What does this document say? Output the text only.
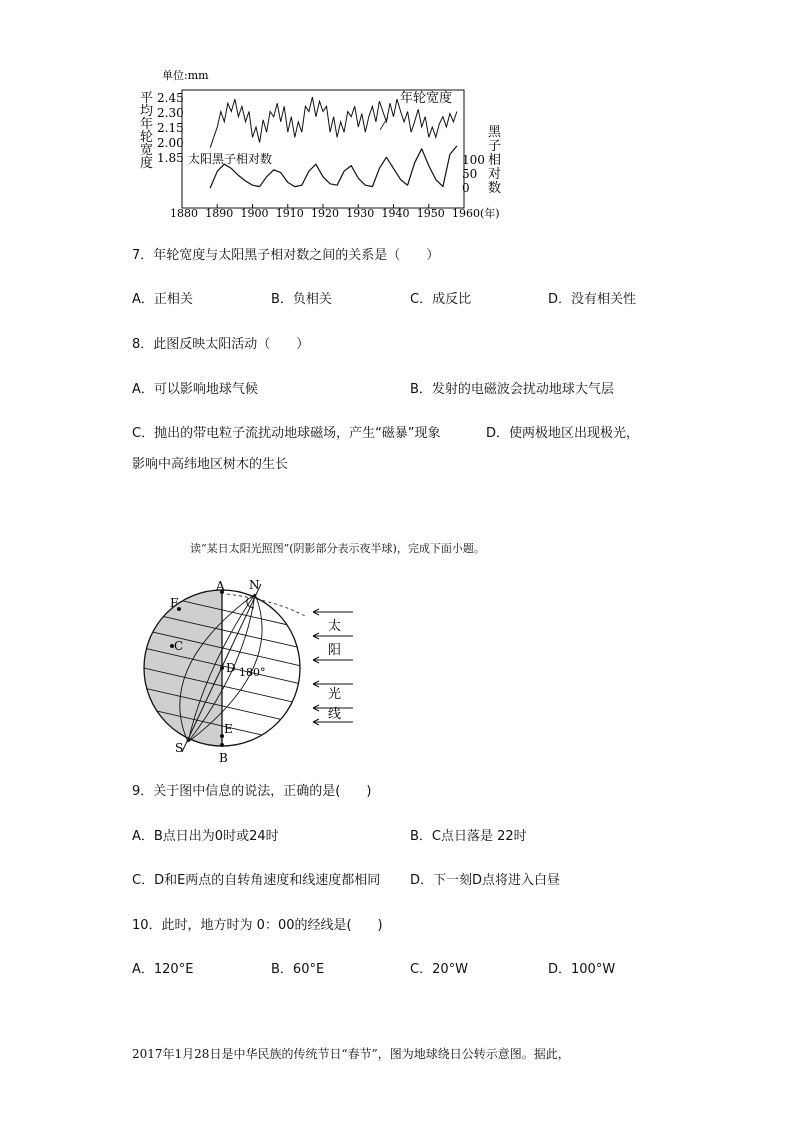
单位:mm
平
均
年
轮
宽
度
2.45
2.30
2.15
2.00
1.85
黑
子
相
对
数
100
50
0
1880 1890 1900 1910 1920 1930 1940 1950 1960 (年)
年轮宽度
太阳黑子相对数
7．年轮宽度与太阳黑子相对数之间的关系是（　　）
A．正相关	B．负相关	C．成反比	D．没有相关性
8．此图反映太阳活动（　　）
A．可以影响地球气候	B．发射的电磁波会扰动地球大气层
C．抛出的带电粒子流扰动地球磁场，产生“磁暴”现象	D．使两极地区出现极光，
影响中高纬地区树木的生长
读“某日太阳光照图”(阴影部分表示夜半球)，完成下面小题。
N
A
F
C
D 180°
E
B
S
太
阳
光
线
9．关于图中信息的说法，正确的是(　　)
A．B点日出为0时或24时	B．C点日落是 22时
C．D和E两点的自转角速度和线速度都相同 D．下一刻D点将进入白昼
10．此时，地方时为 0：00的经线是(　　)
A．120°E	B．60°E	C．20°W	D．100°W
2017年1月28日是中华民族的传统节日“春节”，图为地球绕日公转示意图。据此，
